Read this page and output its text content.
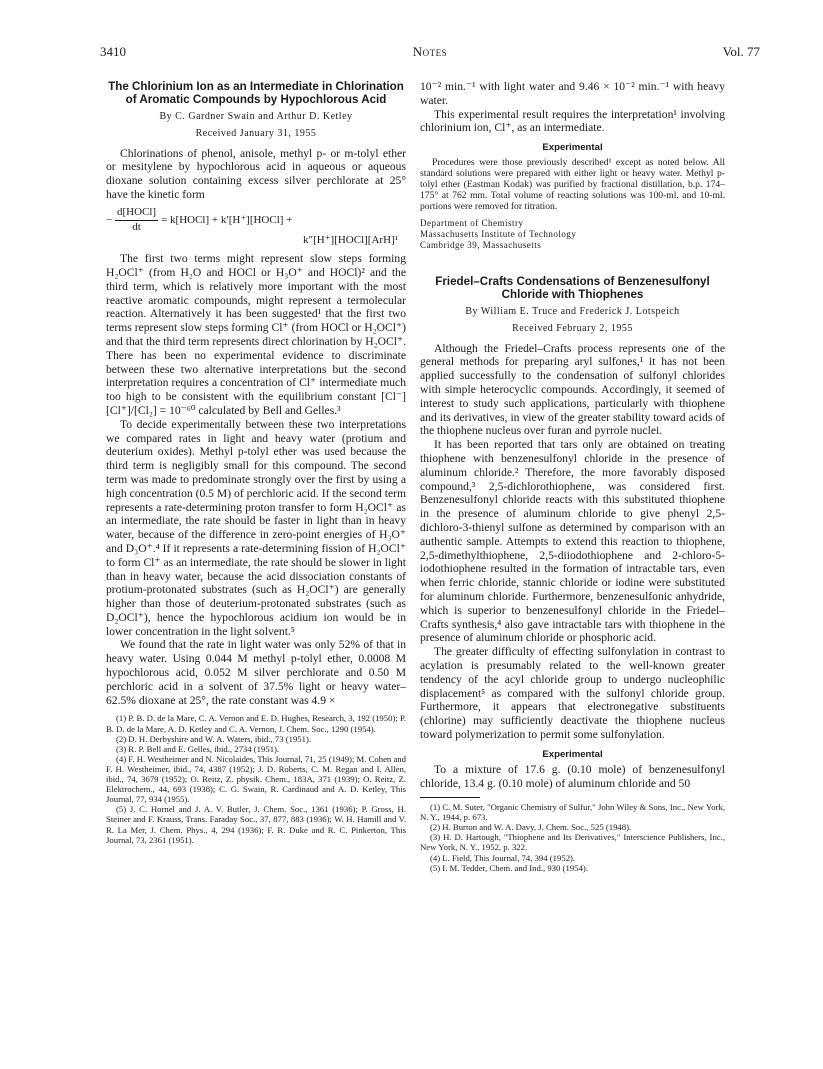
3410	Notes	Vol. 77
The Chlorinium Ion as an Intermediate in Chlorination of Aromatic Compounds by Hypochlorous Acid
By C. Gardner Swain and Arthur D. Ketley
Received January 31, 1955

Chlorinations of phenol, anisole, methyl p- or m-tolyl ether or mesitylene by hypochlorous acid in aqueous or aqueous dioxane solution containing excess silver perchlorate at 25° have the kinetic form

− $\frac{\text{d[HOCl]}}{dt}$ = k[HOCl] + k′[H⁺][HOCl] +
k″[H⁺][HOCl][ArH]¹

The first two terms might represent slow steps forming H₂OCl⁺ (from H₂O and HOCl or H₃O⁺ and HOCl)² and the third term, which is relatively more important with the most reactive aromatic compounds, might represent a termolecular reaction. Alternatively it has been suggested¹ that the first two terms represent slow steps forming Cl⁺ (from HOCl or H₂OCl⁺) and that the third term represents direct chlorination by H₂OCl⁺. There has been no experimental evidence to discriminate between these two alternative interpretations but the second interpretation requires a concentration of Cl⁺ intermediate much too high to be consistent with the equilibrium constant [Cl⁻] [Cl⁺]/[Cl₂] = 10⁻⁶⁰ calculated by Bell and Gelles.³

To decide experimentally between these two interpretations we compared rates in light and heavy water (protium and deuterium oxides). Methyl p-tolyl ether was used because the third term is negligibly small for this compound. The second term was made to predominate strongly over the first by using a high concentration (0.5 M) of perchloric acid. If the second term represents a rate-determining proton transfer to form H₂OCl⁺ as an intermediate, the rate should be faster in light than in heavy water, because of the difference in zero-point energies of H₃O⁺ and D₃O⁺.⁴ If it represents a rate-determining fission of H₂OCl⁺ to form Cl⁺ as an intermediate, the rate should be slower in light than in heavy water, because the acid dissociation constants of protium-protonated substrates (such as H₂OCl⁺) are generally higher than those of deuterium-protonated substrates (such as D₂OCl⁺), hence the hypochlorous acidium ion would be in lower concentration in the light solvent.⁵

We found that the rate in light water was only 52% of that in heavy water. Using 0.044 M methyl p-tolyl ether, 0.0008 M hypochlorous acid, 0.052 M silver perchlorate and 0.50 M perchloric acid in a solvent of 37.5% light or heavy water–62.5% dioxane at 25°, the rate constant was 4.9 ×

(1) P. B. D. de la Mare, C. A. Vernon and E. D. Hughes, Research, 3, 192 (1950); P. B. D. de la Mare, A. D. Ketley and C. A. Vernon, J. Chem. Soc., 1290 (1954).
(2) D. H. Derbyshire and W. A. Waters, ibid., 73 (1951).
(3) R. P. Bell and E. Gelles, ibid., 2734 (1951).
(4) F. H. Westheimer and N. Nicolaides, This Journal, 71, 25 (1949); M. Cohen and F. H. Westheimer, ibid., 74, 4387 (1952); J. D. Roberts, C. M. Regan and I. Allen, ibid., 74, 3679 (1952); O. Reitz, Z. physik. Chem., 183A, 371 (1939); O. Reitz, Z. Elektrochem., 44, 693 (1938); C. G. Swain, R. Cardinaud and A. D. Ketley, This Journal, 77, 934 (1955).
(5) J. C. Hornel and J. A. V. Butler, J. Chem. Soc., 1361 (1936); P. Gross, H. Steiner and F. Krauss, Trans. Faraday Soc., 37, 877, 883 (1936); W. H. Hamill and V. R. La Mer, J. Chem. Phys., 4, 294 (1936); F. R. Duke and R. C. Pinkerton, This Journal, 73, 2361 (1951).

10⁻² min.⁻¹ with light water and 9.46 × 10⁻² min.⁻¹ with heavy water.

This experimental result requires the interpretation¹ involving chlorinium ion, Cl⁺, as an intermediate.

Experimental

Procedures were those previously described¹ except as noted below. All standard solutions were prepared with either light or heavy water. Methyl p-tolyl ether (Eastman Kodak) was purified by fractional distillation, b.p. 174–175° at 762 mm. Total volume of reacting solutions was 100-ml. and 10-ml. portions were removed for titration.

Department of Chemistry
Massachusetts Institute of Technology
Cambridge 39, Massachusetts
Friedel–Crafts Condensations of Benzenesulfonyl Chloride with Thiophenes
By William E. Truce and Frederick J. Lotspeich
Received February 2, 1955

Although the Friedel–Crafts process represents one of the general methods for preparing aryl sulfones,¹ it has not been applied successfully to the condensation of sulfonyl chlorides with simple heterocyclic compounds. Accordingly, it seemed of interest to study such applications, particularly with thiophene and its derivatives, in view of the greater stability toward acids of the thiophene nucleus over furan and pyrrole nuclei.

It has been reported that tars only are obtained on treating thiophene with benzenesulfonyl chloride in the presence of aluminum chloride.² Therefore, the more favorably disposed compound,³ 2,5-dichlorothiophene, was considered first. Benzenesulfonyl chloride reacts with this substituted thiophene in the presence of aluminum chloride to give phenyl 2,5-dichloro-3-thienyl sulfone as determined by comparison with an authentic sample. Attempts to extend this reaction to thiophene, 2,5-dimethylthiophene, 2,5-diiodothiophene and 2-chloro-5-iodothiophene resulted in the formation of intractable tars, even when ferric chloride, stannic chloride or iodine were substituted for aluminum chloride. Furthermore, benzenesulfonic anhydride, which is superior to benzenesulfonyl chloride in the Friedel–Crafts synthesis,⁴ also gave intractable tars with thiophene in the presence of aluminum chloride or phosphoric acid.

The greater difficulty of effecting sulfonylation in contrast to acylation is presumably related to the well-known greater tendency of the acyl chloride group to undergo nucleophilic displacement⁵ as compared with the sulfonyl chloride group. Furthermore, it appears that electronegative substituents (chlorine) may sufficiently deactivate the thiophene nucleus toward polymerization to permit some sulfonylation.

Experimental

To a mixture of 17.6 g. (0.10 mole) of benzenesulfonyl chloride, 13.4 g. (0.10 mole) of aluminum chloride and 50

(1) C. M. Suter, "Organic Chemistry of Sulfur," John Wiley & Sons, Inc., New York, N. Y., 1944, p. 673.
(2) H. Burton and W. A. Davy, J. Chem. Soc., 525 (1948).
(3) H. D. Hartough, "Thiophene and Its Derivatives," Interscience Publishers, Inc., New York, N. Y., 1952, p. 322.
(4) L. Field, This Journal, 74, 394 (1952).
(5) I. M. Tedder, Chem. and Ind., 930 (1954).
